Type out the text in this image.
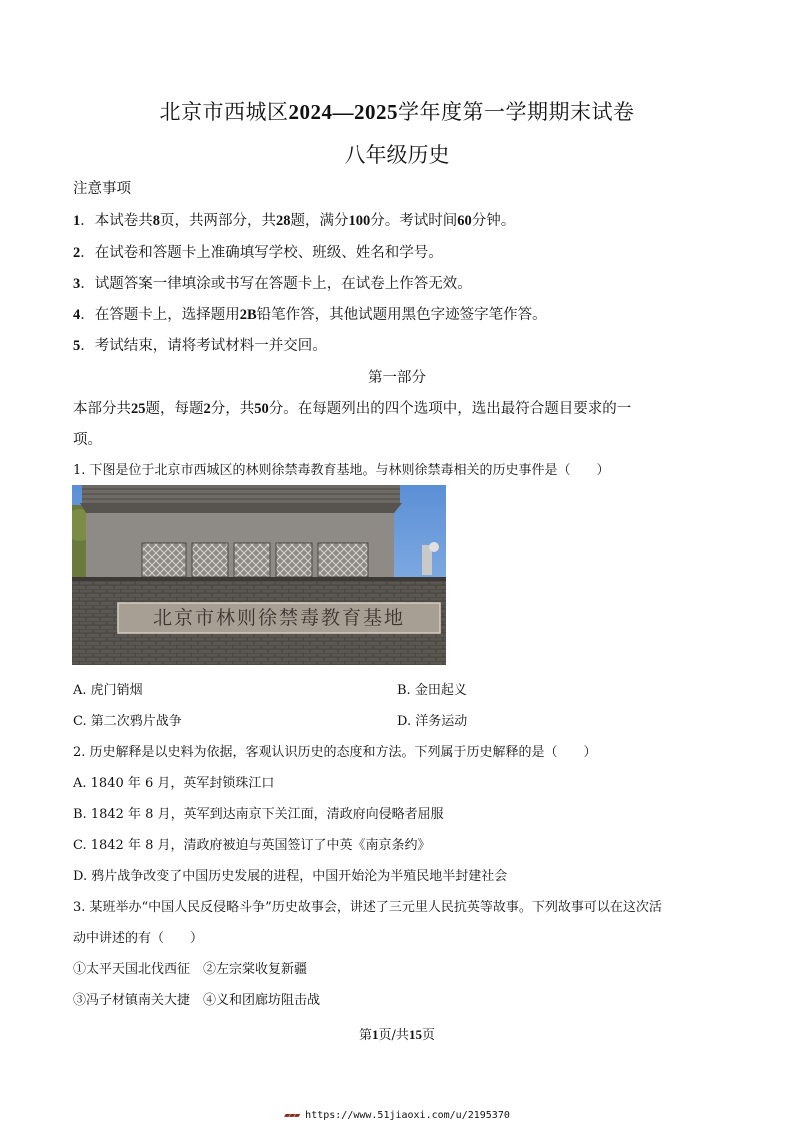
北京市西城区2024—2025学年度第一学期期末试卷
八年级历史
注意事项
1．本试卷共8页，共两部分，共28题，满分100分。考试时间60分钟。
2．在试卷和答题卡上准确填写学校、班级、姓名和学号。
3．试题答案一律填涂或书写在答题卡上，在试卷上作答无效。
4．在答题卡上，选择题用2B铅笔作答，其他试题用黑色字迹签字笔作答。
5．考试结束，请将考试材料一并交回。
第一部分
本部分共25题，每题2分，共50分。在每题列出的四个选项中，选出最符合题目要求的一
项。
1. 下图是位于北京市西城区的林则徐禁毒教育基地。与林则徐禁毒相关的历史事件是（　　）
北京市林则徐禁毒教育基地
A. 虎门销烟	B. 金田起义
C. 第二次鸦片战争	D. 洋务运动
2. 历史解释是以史料为依据，客观认识历史的态度和方法。下列属于历史解释的是（　　）
A. 1840 年 6 月，英军封锁珠江口
B. 1842 年 8 月，英军到达南京下关江面，清政府向侵略者屈服
C. 1842 年 8 月，清政府被迫与英国签订了中英《南京条约》
D. 鸦片战争改变了中国历史发展的进程，中国开始沦为半殖民地半封建社会
3. 某班举办“中国人民反侵略斗争”历史故事会，讲述了三元里人民抗英等故事。下列故事可以在这次活
动中讲述的有（　　）
①太平天国北伐西征　②左宗棠收复新疆
③冯子材镇南关大捷　④义和团廊坊阻击战
第1页/共15页
▰▰▰ https://www.51jiaoxi.com/u/2195370
